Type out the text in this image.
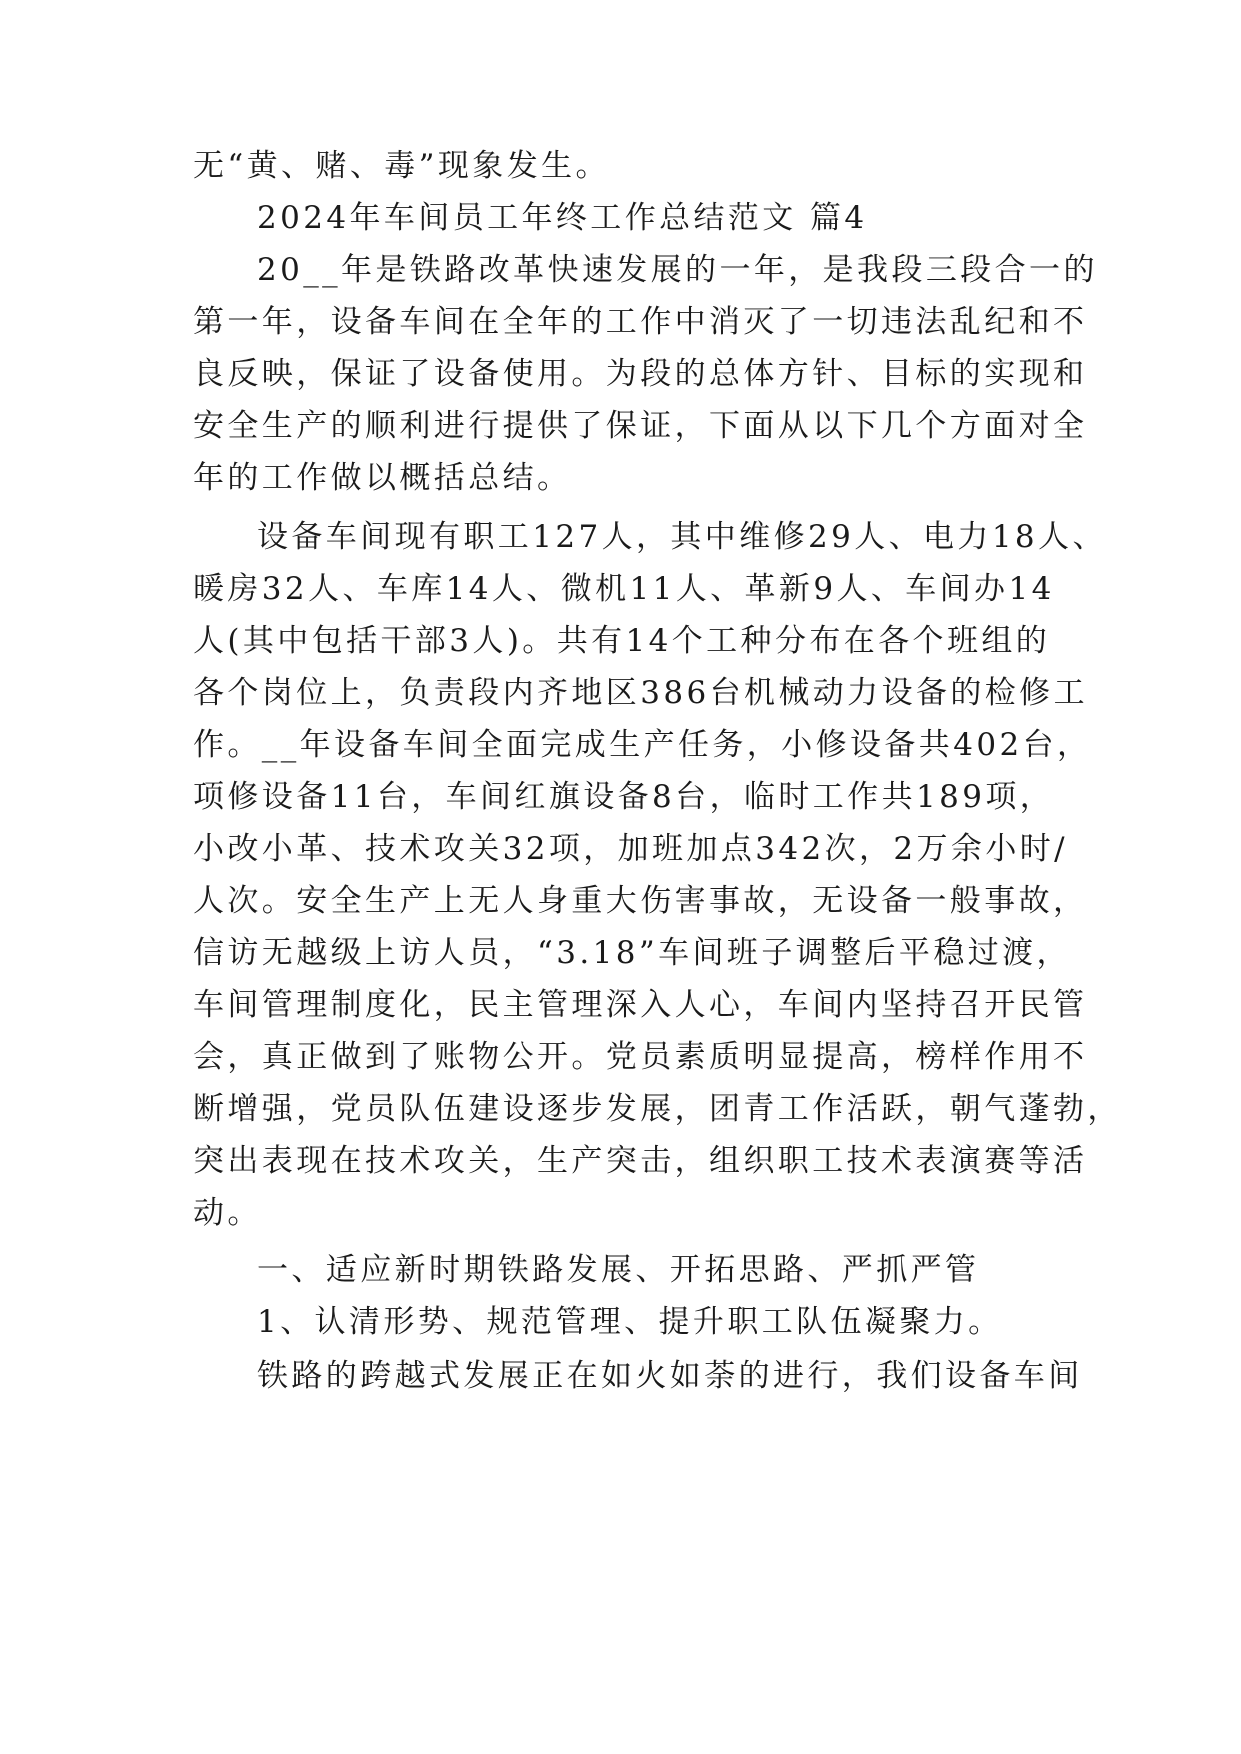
无“黄、赌、毒”现象发生。
2024年车间员工年终工作总结范文 篇4
20__年是铁路改革快速发展的一年，是我段三段合一的
第一年，设备车间在全年的工作中消灭了一切违法乱纪和不
良反映，保证了设备使用。为段的总体方针、目标的实现和
安全生产的顺利进行提供了保证，下面从以下几个方面对全
年的工作做以概括总结。
设备车间现有职工127人，其中维修29人、电力18人、
暖房32人、车库14人、微机11人、革新9人、车间办14
人(其中包括干部3人)。共有14个工种分布在各个班组的
各个岗位上，负责段内齐地区386台机械动力设备的检修工
作。__年设备车间全面完成生产任务，小修设备共402台，
项修设备11台，车间红旗设备8台，临时工作共189项，
小改小革、技术攻关32项，加班加点342次，2万余小时/
人次。安全生产上无人身重大伤害事故，无设备一般事故，
信访无越级上访人员，“3.18”车间班子调整后平稳过渡，
车间管理制度化，民主管理深入人心，车间内坚持召开民管
会，真正做到了账物公开。党员素质明显提高，榜样作用不
断增强，党员队伍建设逐步发展，团青工作活跃，朝气蓬勃，
突出表现在技术攻关，生产突击，组织职工技术表演赛等活
动。
一、适应新时期铁路发展、开拓思路、严抓严管
1、认清形势、规范管理、提升职工队伍凝聚力。
铁路的跨越式发展正在如火如荼的进行，我们设备车间
